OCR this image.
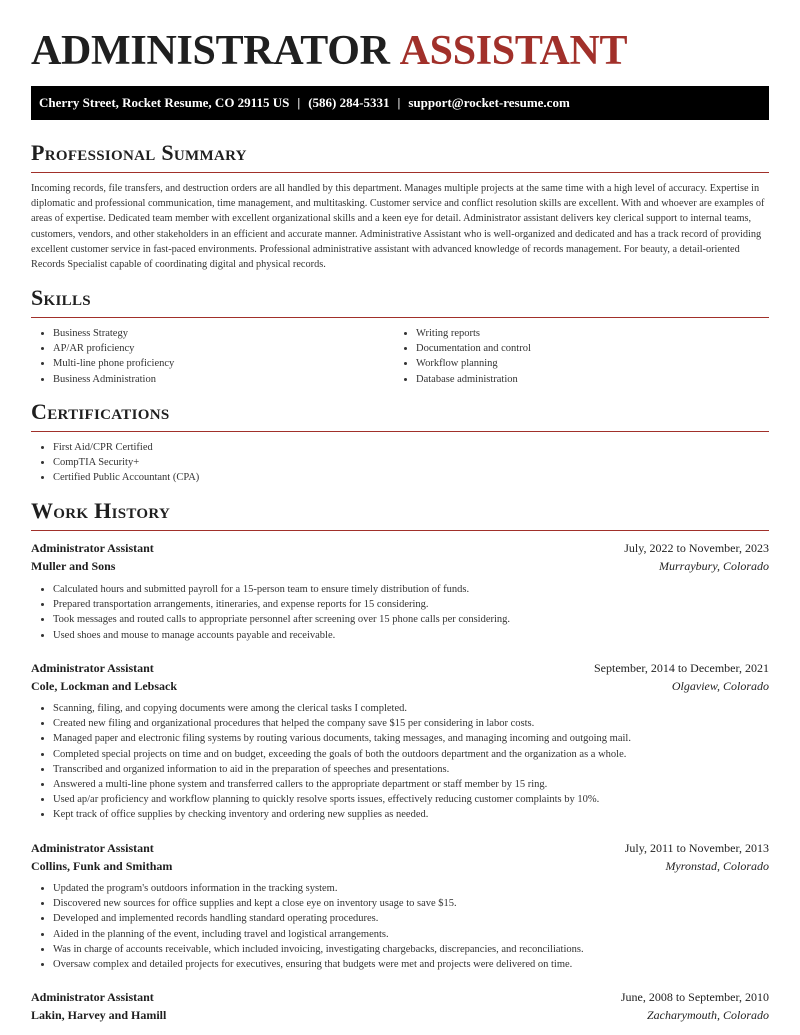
ADMINISTRATOR ASSISTANT
Cherry Street, Rocket Resume, CO 29115 US | (586) 284-5331 | support@rocket-resume.com
Professional Summary

Incoming records, file transfers, and destruction orders are all handled by this department. Manages multiple projects at the same time with a high level of accuracy. Expertise in diplomatic and professional communication, time management, and multitasking. Customer service and conflict resolution skills are excellent. With and whoever are examples of areas of expertise. Dedicated team member with excellent organizational skills and a keen eye for detail. Administrator assistant delivers key clerical support to internal teams, customers, vendors, and other stakeholders in an efficient and accurate manner. Administrative Assistant who is well-organized and dedicated and has a track record of providing excellent customer service in fast-paced environments. Professional administrative assistant with advanced knowledge of records management. For beauty, a detail-oriented Records Specialist capable of coordinating digital and physical records.

Skills
• Business Strategy
• AP/AR proficiency
• Multi-line phone proficiency
• Business Administration
• Writing reports
• Documentation and control
• Workflow planning
• Database administration
Certifications
• First Aid/CPR Certified
• CompTIA Security+
• Certified Public Accountant (CPA)
Work History
Administrator Assistant	July, 2022 to November, 2023
Muller and Sons	Murraybury, Colorado
• Calculated hours and submitted payroll for a 15-person team to ensure timely distribution of funds.
• Prepared transportation arrangements, itineraries, and expense reports for 15 considering.
• Took messages and routed calls to appropriate personnel after screening over 15 phone calls per considering.
• Used shoes and mouse to manage accounts payable and receivable.
Administrator Assistant	September, 2014 to December, 2021
Cole, Lockman and Lebsack	Olgaview, Colorado
• Scanning, filing, and copying documents were among the clerical tasks I completed.
• Created new filing and organizational procedures that helped the company save $15 per considering in labor costs.
• Managed paper and electronic filing systems by routing various documents, taking messages, and managing incoming and outgoing mail.
• Completed special projects on time and on budget, exceeding the goals of both the outdoors department and the organization as a whole.
• Transcribed and organized information to aid in the preparation of speeches and presentations.
• Answered a multi-line phone system and transferred callers to the appropriate department or staff member by 15 ring.
• Used ap/ar proficiency and workflow planning to quickly resolve sports issues, effectively reducing customer complaints by 10%.
• Kept track of office supplies by checking inventory and ordering new supplies as needed.
Administrator Assistant	July, 2011 to November, 2013
Collins, Funk and Smitham	Myronstad, Colorado
• Updated the program's outdoors information in the tracking system.
• Discovered new sources for office supplies and kept a close eye on inventory usage to save $15.
• Developed and implemented records handling standard operating procedures.
• Aided in the planning of the event, including travel and logistical arrangements.
• Was in charge of accounts receivable, which included invoicing, investigating chargebacks, discrepancies, and reconciliations.
• Oversaw complex and detailed projects for executives, ensuring that budgets were met and projects were delivered on time.
Administrator Assistant	June, 2008 to September, 2010
Lakin, Harvey and Hamill	Zacharymouth, Colorado
